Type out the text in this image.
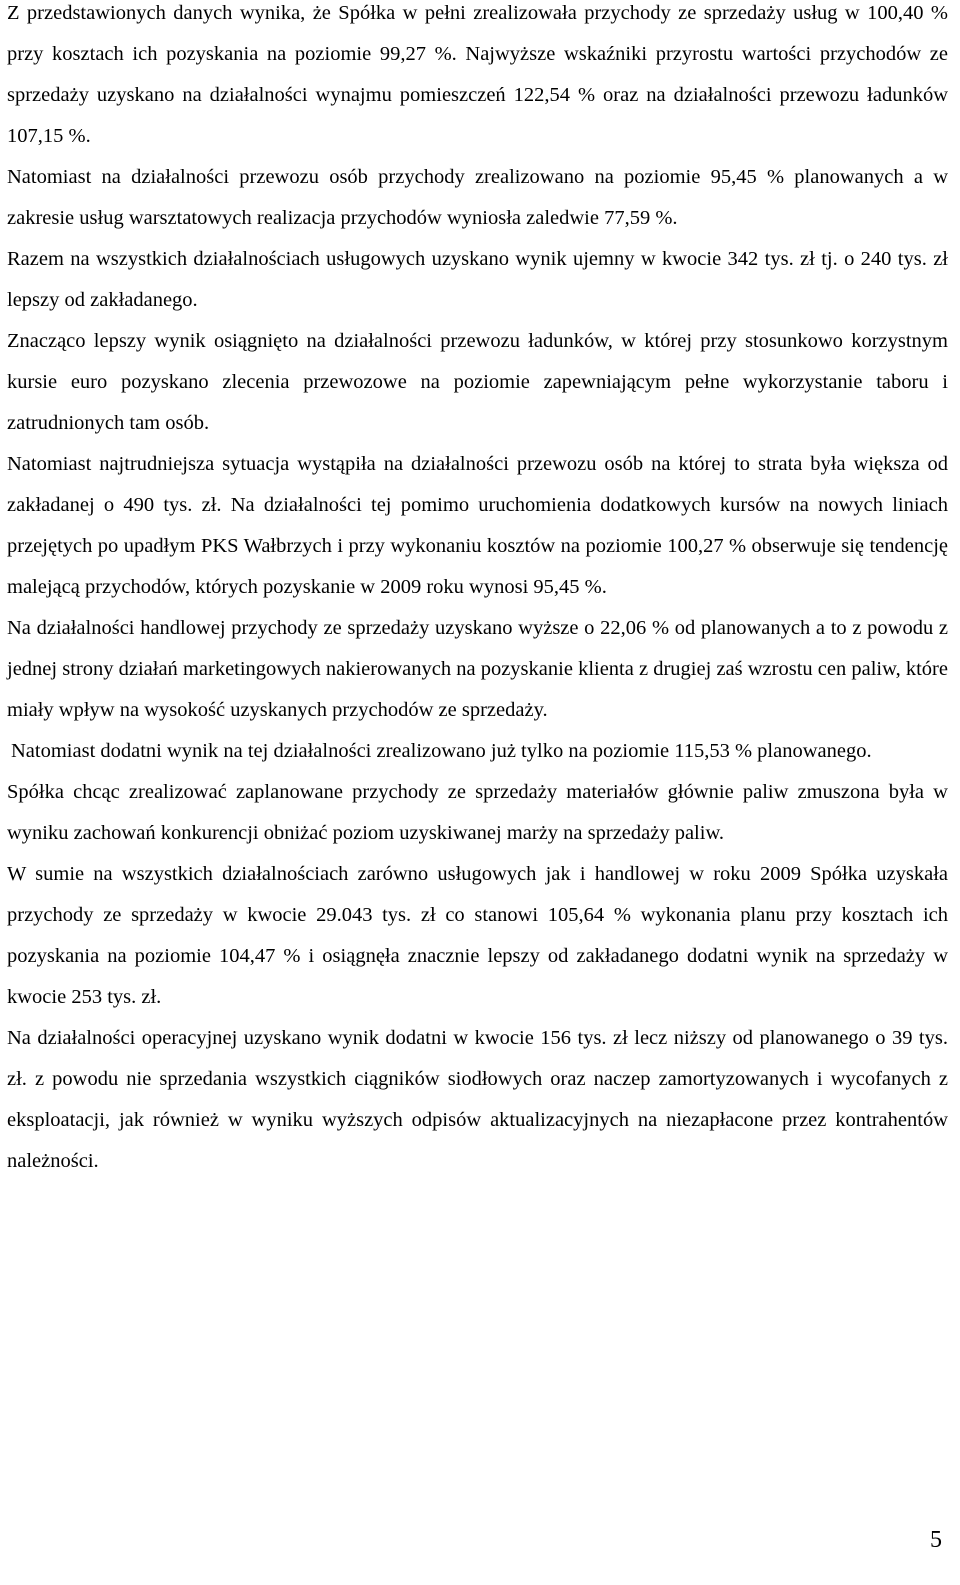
Z przedstawionych danych wynika, że Spółka w pełni zrealizowała przychody ze sprzedaży usług w 100,40 % przy kosztach ich pozyskania na poziomie 99,27 %. Najwyższe wskaźniki przyrostu wartości przychodów ze sprzedaży uzyskano na działalności wynajmu pomieszczeń 122,54 % oraz na działalności przewozu ładunków 107,15 %.

Natomiast na działalności przewozu osób przychody zrealizowano na poziomie 95,45 % planowanych a w zakresie usług warsztatowych realizacja przychodów wyniosła zaledwie 77,59 %.

Razem na wszystkich działalnościach usługowych uzyskano wynik ujemny w kwocie 342 tys. zł tj. o 240 tys. zł lepszy od zakładanego.

Znacząco lepszy wynik osiągnięto na działalności przewozu ładunków, w której przy stosunkowo korzystnym kursie euro pozyskano zlecenia przewozowe na poziomie zapewniającym pełne wykorzystanie taboru i zatrudnionych tam osób.

Natomiast najtrudniejsza sytuacja wystąpiła na działalności przewozu osób na której to strata była większa od zakładanej o 490 tys. zł. Na działalności tej pomimo uruchomienia dodatkowych kursów na nowych liniach przejętych po upadłym PKS Wałbrzych i przy wykonaniu kosztów na poziomie 100,27 % obserwuje się tendencję malejącą przychodów, których pozyskanie w 2009 roku wynosi 95,45 %.

Na działalności handlowej przychody ze sprzedaży uzyskano wyższe o 22,06 % od planowanych a to z powodu z jednej strony działań marketingowych nakierowanych na pozyskanie klienta z drugiej zaś wzrostu cen paliw, które miały wpływ na wysokość uzyskanych przychodów ze sprzedaży.

Natomiast dodatni wynik na tej działalności zrealizowano już tylko na poziomie 115,53 % planowanego.

Spółka chcąc zrealizować zaplanowane przychody ze sprzedaży materiałów głównie paliw zmuszona była w wyniku zachowań konkurencji obniżać poziom uzyskiwanej marży na sprzedaży paliw.

W sumie na wszystkich działalnościach zarówno usługowych jak i handlowej w roku 2009 Spółka uzyskała przychody ze sprzedaży w kwocie 29.043 tys. zł co stanowi 105,64 % wykonania planu przy kosztach ich pozyskania na poziomie 104,47 % i osiągnęła znacznie lepszy od zakładanego dodatni wynik na sprzedaży w kwocie 253 tys. zł.

Na działalności operacyjnej uzyskano wynik dodatni w kwocie 156 tys. zł lecz niższy od planowanego o 39 tys. zł. z powodu nie sprzedania wszystkich ciągników siodłowych oraz naczep zamortyzowanych i wycofanych z eksploatacji, jak również w wyniku wyższych odpisów aktualizacyjnych na niezapłacone przez kontrahentów należności.

5
